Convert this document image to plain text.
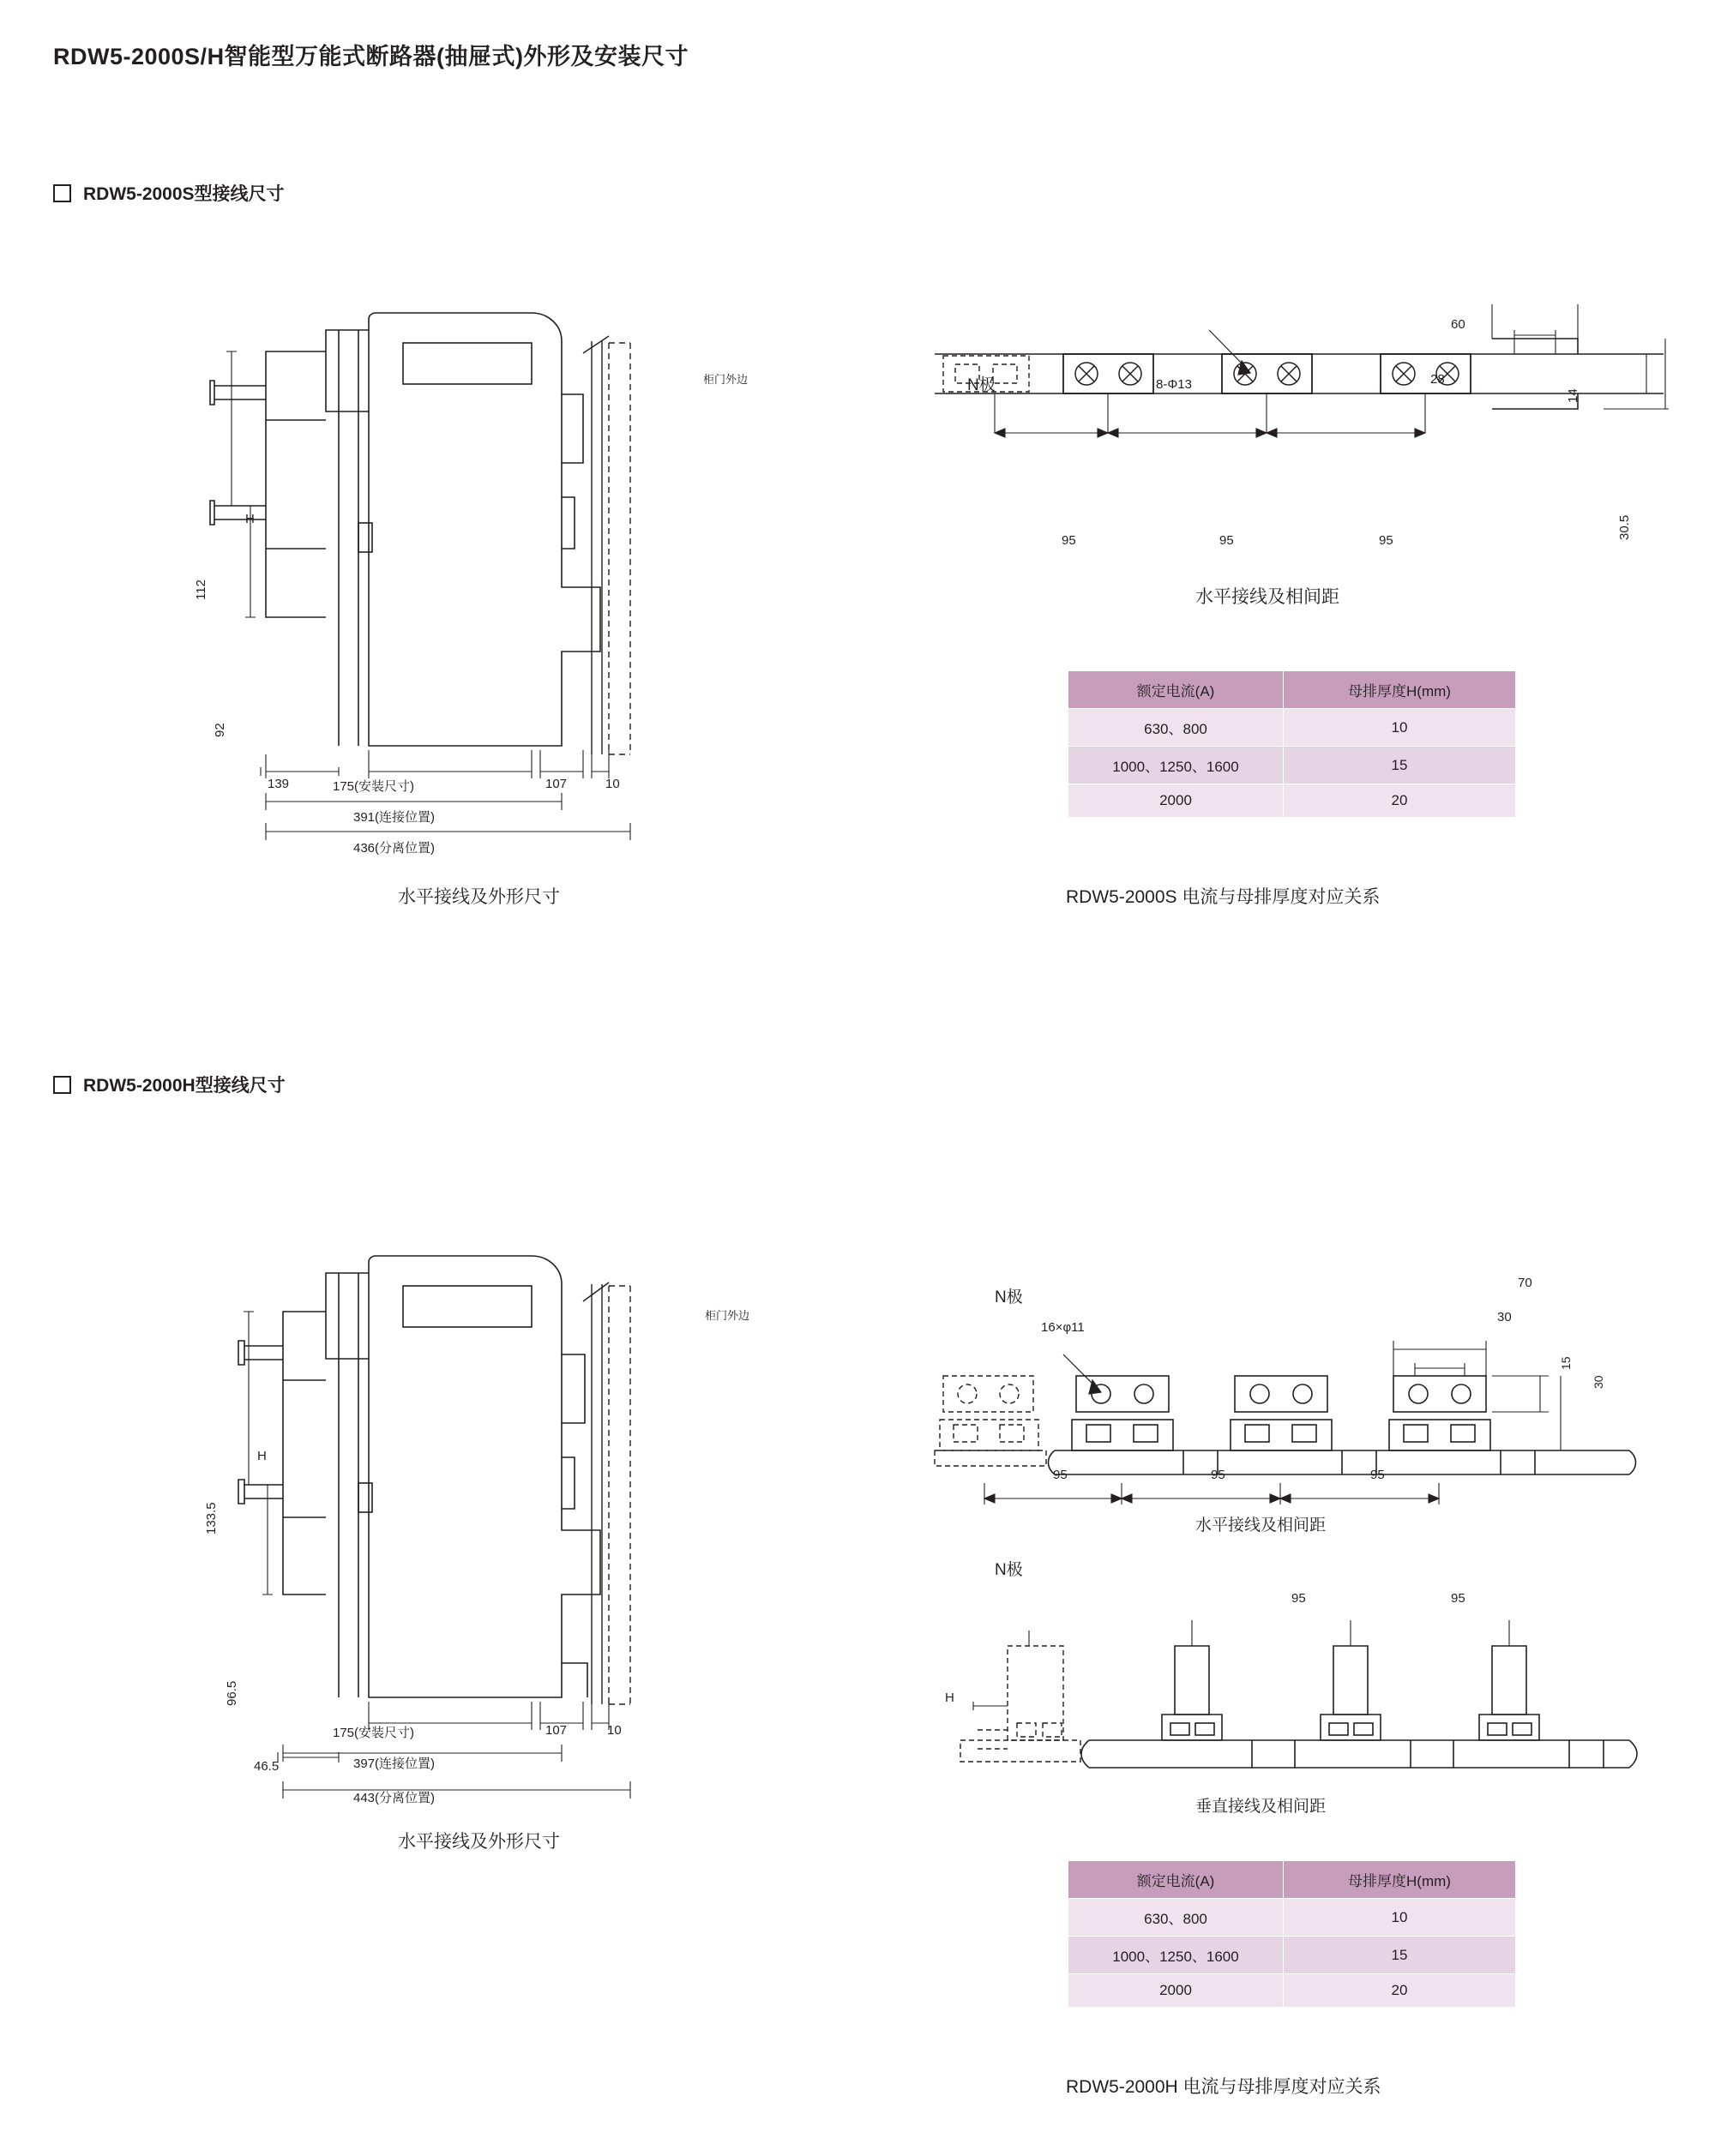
RDW5-2000S/H智能型万能式断路器(抽屉式)外形及安装尺寸
RDW5-2000S型接线尺寸
112
92
H
139	175(安装尺寸)	107	10
391(连接位置)
436(分离位置)
柜门外边
水平接线及外形尺寸
N极	8-Φ13
95	95	95
60
28
14
30.5
水平接线及相间距
额定电流(A)	母排厚度H(mm)
630、800	10
1000、1250、1600	15
2000	20
RDW5-2000S 电流与母排厚度对应关系
RDW5-2000H型接线尺寸
133.5
96.5
H
46.5
175(安装尺寸)	107	10
397(连接位置)
443(分离位置)
柜门外边
水平接线及外形尺寸
N极
16×φ11
95	95	95
70
30
15
30
水平接线及相间距
N极
H
95	95
垂直接线及相间距
额定电流(A)	母排厚度H(mm)
630、800	10
1000、1250、1600	15
2000	20
RDW5-2000H 电流与母排厚度对应关系
